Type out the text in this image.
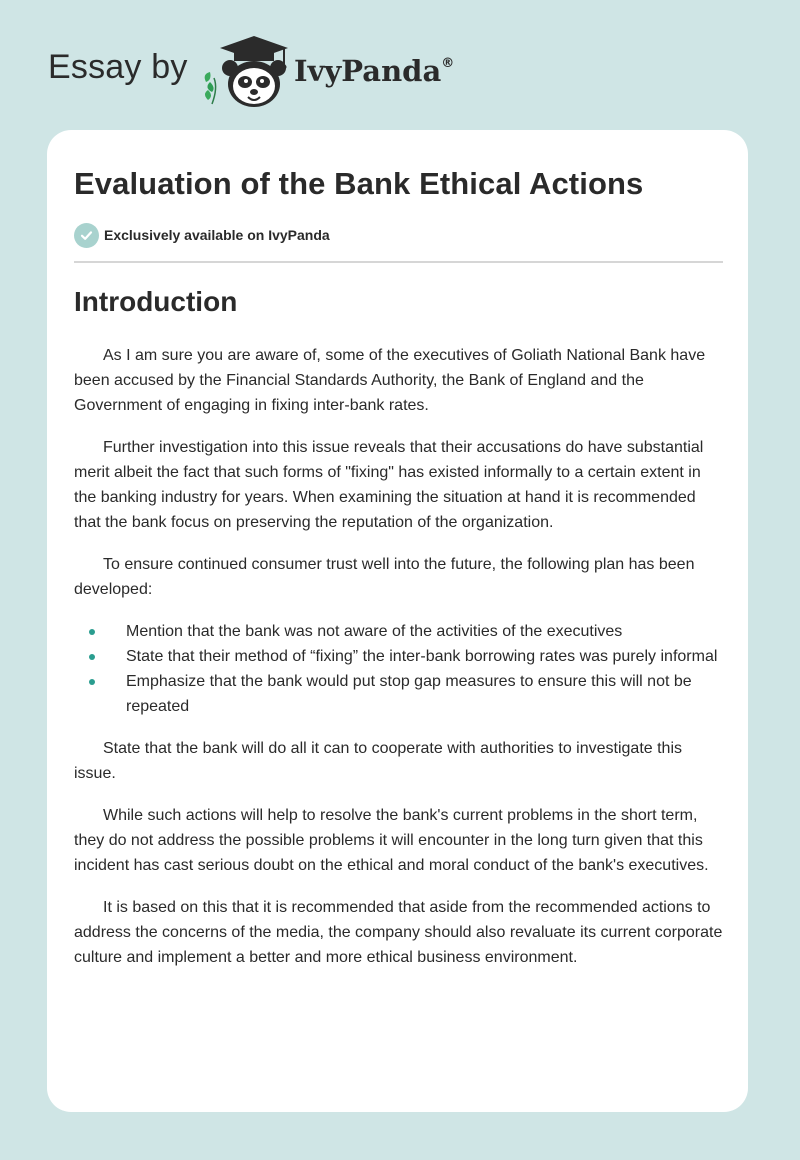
Essay by	IvyPanda®
Evaluation of the Bank Ethical Actions
Exclusively available on IvyPanda
Introduction

As I am sure you are aware of, some of the executives of Goliath National Bank have been accused by the Financial Standards Authority, the Bank of England and the Government of engaging in fixing inter-bank rates.

Further investigation into this issue reveals that their accusations do have substantial merit albeit the fact that such forms of "fixing" has existed informally to a certain extent in the banking industry for years. When examining the situation at hand it is recommended that the bank focus on preserving the reputation of the organization.

To ensure continued consumer trust well into the future, the following plan has been developed:

Mention that the bank was not aware of the activities of the executives
State that their method of “fixing” the inter-bank borrowing rates was purely informal
Emphasize that the bank would put stop gap measures to ensure this will not be repeated

State that the bank will do all it can to cooperate with authorities to investigate this issue.

While such actions will help to resolve the bank's current problems in the short term, they do not address the possible problems it will encounter in the long turn given that this incident has cast serious doubt on the ethical and moral conduct of the bank's executives.

It is based on this that it is recommended that aside from the recommended actions to address the concerns of the media, the company should also revaluate its current corporate culture and implement a better and more ethical business environment.
